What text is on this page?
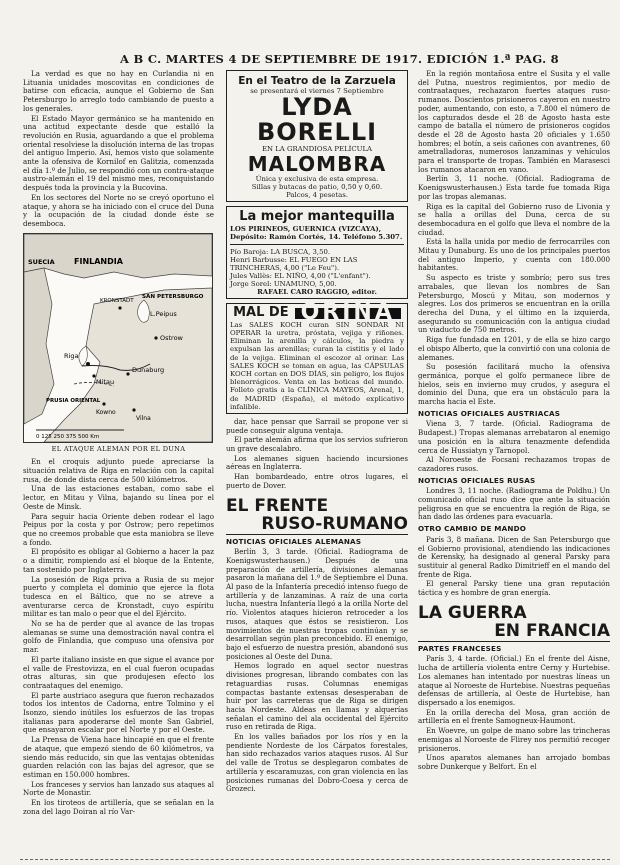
A B C. MARTES 4 DE SEPTIEMBRE DE 1917. EDICIÓN 1.ª PAG. 8

La verdad es que no hay en Curlandia ni en Lituania unidades moscovitas en condiciones de batirse con eficacia, aunque el Gobierno de San Petersburgo lo arreglo todo cambiando de puesto a los generales.

El Estado Mayor germánico se ha mantenido en una actitud expectante desde que estalló la revolución en Rusia, aguardando a que el problema oriental resolviese la disolución interna de las tropas del antiguo Imperio. Así, hemos visto que solamente ante la ofensiva de Kornilof en Galitzia, comenzada el día 1.º de Julio, se respondió con un contra-ataque austro-alemán el 19 del mismo mes, reconquistando después toda la provincia y la Bucovina.

En los sectores del Norte no se creyó oportuno el ataque, y ahora se ha iniciado con el cruce del Duna y la ocupación de la ciudad donde éste se desemboca.

SUECIA FINLANDIA
SAN PETERSBURGO
KRONSTADT
L.Peipus
Ostrow
Dunaburg
Mitau
Riga
PRUSIA ORIENTAL
Kowno
Vilna
0 125 250 375 500 Km
EL ATAQUE ALEMAN POR EL DUNA

En el croquis adjunto puede apreciarse la situación relativa de Riga en relación con la capital rusa, de donde dista cerca de 500 kilómetros.

Una de las estaciones estaban, como sabe el lector, en Mitau y Vilna, bajando su línea por el Oeste de Minsk.

Para seguir hacia Oriente deben rodear el lago Peipus por la costa y por Ostrow; pero repetimos que no creemos probable que esta maniobra se lleve a fondo.

El propósito es obligar al Gobierno a hacer la paz o a dimitir, rompiendo así el bloque de la Entente, tan sostenido por Inglaterra.

La posesión de Riga priva a Rusia de su mejor puerto y completa el dominio que ejerce la flota tudesca en el Báltico, que no se atreve a aventurarse cerca de Kronstadt, cuyo espíritu militar es tan malo o peor que el del Ejército.

No se ha de perder que al avance de las tropas alemanas se sume una demostración naval contra el golfo de Finlandia, que compuso una ofensiva por mar.

El parte italiano insiste en que sigue el avance por el valle de Frestovizza, en el cual fueron ocupadas otras alturas, sin que produjesen efecto los contraataques del enemigo.

El parte austriaco asegura que fueron rechazados todos los intentos de Cadorna, entre Tolmino y el Isonzo, siendo inútiles los esfuerzos de las tropas italianas para apoderarse del monte San Gabriel, que ensayaron escalar por el Norte y por el Oeste.

La Prensa de Viena hace hincapié en que el frente de ataque, que empezó siendo de 60 kilómetros, va siendo más reducido, sin que las ventajas obtenidas guarden relación con las bajas del agresor, que se estiman en 150.000 hombres.

Los franceses y servios han lanzado sus ataques al Norte de Monastir.

En los tiroteos de artillería, que se señalan en la zona del lago Doiran al río Var-

En el Teatro de la Zarzuela
se presentará el viernes 7 Septiembre
LYDA BORELLI
EN LA GRANDIOSA PELÍCULA
MALOMBRA
Única y exclusiva de esta empresa.
Sillas y butacas de patio, 0,50 y 0,60.
Palcos, 4 pesetas.
La mejor mantequilla
LOS PIRINEOS, GUERNICA (VIZCAYA),
Depósito: Ramón Cortés, 14. Teléfono 5.307.
Pío Baroja: LA BUSCA, 3,50.
Henri Barbusse: EL FUEGO EN LAS TRINCHERAS, 4,00 ("Le Feu").
Jules Vallès: EL NIÑO, 4,00 ("L'enfant").
Jorge Sorel: UNAMUNO, 5,00.
RAFAEL CARO RAGGIO, editor.
MAL DE ORINA
Las SALES KOCH curan SIN SONDAR NI OPERAR la uretra, próstata, vejiga y riñones. Eliminan la arenilla y cálculos, la piedra y expulsan las arenillas; curan la cistitis y el lado de la vejiga. Eliminan el escozor al orinar. Las SALES KOCH se toman en agua, las CÁPSULAS KOCH cortan en DOS DÍAS, sin peligro, los flujos blenorrágicos. Venta en las boticas del mundo. Folleto gratis a la CLÍNICA MAYEOS, Arenal, 1, de MADRID (España), el método explicativo infalible.

dar, hace pensar que Sarrail se propone ver si puede conseguir alguna ventaja.

El parte alemán afirma que los servios sufrieron un grave descalabro.

Los alemanes siguen haciendo incursiones aéreas en Inglaterra.

Han bombardeado, entre otros lugares, el puerto de Dover.

EL FRENTE
RUSO-RUMANO
NOTICIAS OFICIALES ALEMANAS

Berlín 3, 3 tarde. (Oficial. Radiograma de Koenigswusterhausen.) Después de una preparación de artillería, divisiones alemanas pasaron la mañana del 1.º de Septiembre el Duna. Al paso de la Infantería precedió intenso fuego de artillería y de lanzaminas. A raíz de una corta lucha, nuestra Infantería llegó a la orilla Norte del río. Violentos ataques hicieron retroceder a los rusos, ataques que éstos se resistieron. Los movimientos de nuestras tropas continúan y se desarrollan según plan preconcebido. El enemigo, bajo el esfuerzo de nuestra presión, abandonó sus posiciones al Oeste del Duna.

Hemos logrado en aquel sector nuestras divisiones progresan, librando combates con las retaguardias rusas. Columnas enemigas compactas bastante extensas desesperaban de huir por las carreteras que de Riga se dirigen hacia Nordeste. Aldeas en llamas y alquerías señalan el camino del ala occidental del Ejército ruso en retirada de Riga.

En los valles bañados por los ríos y en la pendiente Nordeste de los Cárpatos forestales, han sido rechazados varios ataques rusos. Al Sur del valle de Trotus se desplegaron combates de artillería y escaramuzas, con gran violencia en las posiciones rumanas del Dobro-Coesa y cerca de Grozeci.

En la región montañosa entre el Susita y el valle del Putna, nuestros regimientos, por medio de contraataques, rechazaron fuertes ataques ruso-rumanos. Doscientos prisioneros cayeron en nuestro poder, aumentando, con esto, a 7.800 el número de los capturados desde el 28 de Agosto hasta este campo de batalla el número de prisioneros cogidos desde el 28 de Agosto hasta 20 oficiales y 1.650 hombres; el botín, a seis cañones con avantrenes, 60 ametralladoras, numerosos lanzaminas y vehículos para el transporte de tropas. También en Marasesci los rumanos atacaron en vano.

Berlín 3, 11 noche. (Oficial. Radiograma de Koenigswusterhausen.) Esta tarde fue tomada Riga por las tropas alemanas.

Riga es la capital del Gobierno ruso de Livonia y se halla a orillas del Duna, cerca de su desembocadura en el golfo que lleva el nombre de la ciudad.

Está la halla unida por medio de ferrocarriles con Mitau y Dunaburg. Es uno de los principales puertos del antiguo Imperio, y cuenta con 180.000 habitantes.

Su aspecto es triste y sombrío; pero sus tres arrabales, que llevan los nombres de San Petersburgo, Moscú y Mitau, son modernos y alegres. Los dos primeros se encuentran en la orilla derecha del Duna, y el último en la izquierda, asegurando su comunicación con la antigua ciudad un viaducto de 750 metros.

Riga fue fundada en 1201, y de ella se hizo cargo el obispo Alberto, que la convirtió con una colonia de alemanes.

Su posesión facilitará mucho la ofensiva germánica, porque el golfo permanece libre de hielos, seis en invierno muy crudos, y asegura el dominio del Duna, que era un obstáculo para la marcha hacia el Este.

NOTICIAS OFICIALES AUSTRIACAS

Viena 3, 7 tarde. (Oficial. Radiograma de Budapest.) Tropas alemanas arrebataron al enemigo una posición en la altura tenazmente defendida cerca de Hussiatyn y Tarnopol.

Al Noroeste de Focsani rechazamos tropas de cazadores rusos.

NOTICIAS OFICIALES RUSAS

Londres 3, 11 noche. (Radiograma de Poldhu.) Un comunicado oficial ruso dice que ante la situación peligrosa en que se encuentra la región de Riga, se han dado las órdenes para evacuarla.

OTRO CAMBIO DE MANDO

París 3, 8 mañana. Dicen de San Petersburgo que el Gobierno provisional, atendiendo las indicaciones de Kerensky, ha designado al general Parsky para sustituir al general Radko Dimitrieff en el mando del frente de Riga.

El general Parsky tiene una gran reputación táctica y es hombre de gran energía.

LA GUERRA
EN FRANCIA
PARTES FRANCESES

París 3, 4 tarde. (Oficial.) En el frente del Aisne, lucha de artillería violenta entre Cerny y Hurtebise. Los alemanes han intentado por nuestras líneas un ataque al Noroeste de Hurtebise. Nuestras pequeñas defensas de artillería, al Oeste de Hurtebise, han dispersado a los enemigos.

En la orilla derecha del Mosa, gran acción de artillería en el frente Samogneux-Haumont.

En Woevre, un golpe de mano sobre las trincheras enemigas al Noroeste de Flirey nos permitió recoger prisioneros.

Unos aparatos alemanes han arrojado bombas sobre Dunkerque y Belfort. En el
